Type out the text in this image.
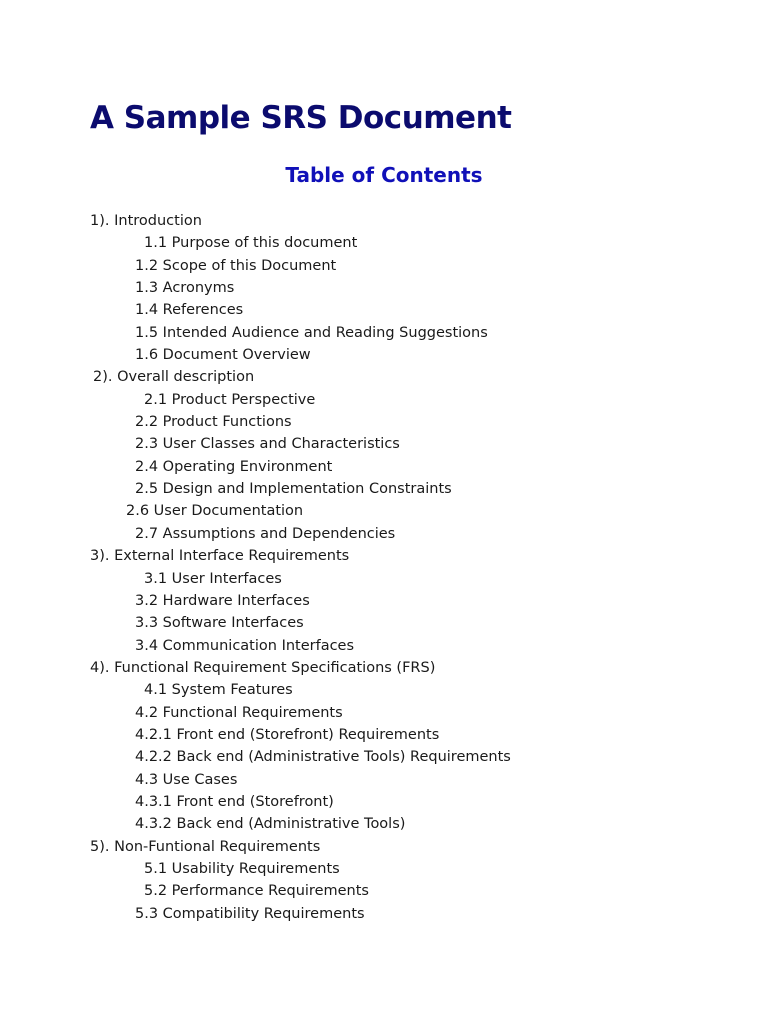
A Sample SRS Document
Table of Contents
1). Introduction
1.1 Purpose of this document
1.2 Scope of this Document
1.3 Acronyms
1.4 References
1.5 Intended Audience and Reading Suggestions
1.6 Document Overview
2). Overall description
2.1 Product Perspective
2.2 Product Functions
2.3 User Classes and Characteristics
2.4 Operating Environment
2.5 Design and Implementation Constraints
2.6 User Documentation
2.7 Assumptions and Dependencies
3). External Interface Requirements
3.1 User Interfaces
3.2 Hardware Interfaces
3.3 Software Interfaces
3.4 Communication Interfaces
4). Functional Requirement Specifications (FRS)
4.1 System Features
4.2 Functional Requirements
4.2.1 Front end (Storefront) Requirements
4.2.2 Back end (Administrative Tools) Requirements
4.3 Use Cases
4.3.1 Front end (Storefront)
4.3.2 Back end (Administrative Tools)
5). Non-Funtional Requirements
5.1 Usability Requirements
5.2 Performance Requirements
5.3 Compatibility Requirements
